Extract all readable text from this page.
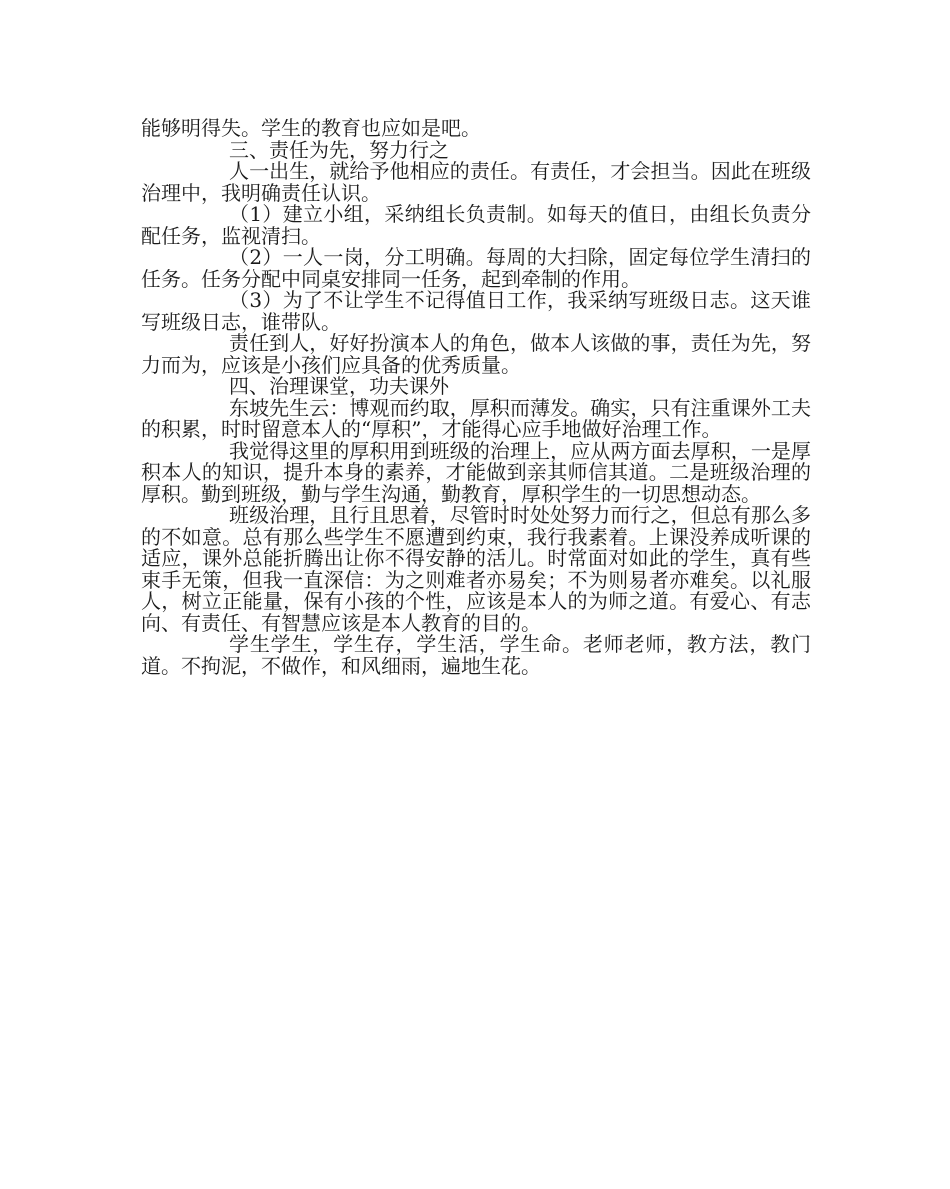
能够明得失。学生的教育也应如是吧。

三、责任为先，努力行之

人一出生，就给予他相应的责任。有责任，才会担当。因此在班级治理中，我明确责任认识。

（1）建立小组，采纳组长负责制。如每天的值日，由组长负责分配任务，监视清扫。

（2）一人一岗，分工明确。每周的大扫除，固定每位学生清扫的任务。任务分配中同桌安排同一任务，起到牵制的作用。

（3）为了不让学生不记得值日工作，我采纳写班级日志。这天谁写班级日志，谁带队。

责任到人，好好扮演本人的角色，做本人该做的事，责任为先，努力而为，应该是小孩们应具备的优秀质量。

四、治理课堂，功夫课外

东坡先生云：博观而约取，厚积而薄发。确实，只有注重课外工夫的积累，时时留意本人的“厚积”，才能得心应手地做好治理工作。

我觉得这里的厚积用到班级的治理上，应从两方面去厚积，一是厚积本人的知识，提升本身的素养，才能做到亲其师信其道。二是班级治理的厚积。勤到班级，勤与学生沟通，勤教育，厚积学生的一切思想动态。

班级治理，且行且思着，尽管时时处处努力而行之，但总有那么多的不如意。总有那么些学生不愿遭到约束，我行我素着。上课没养成听课的适应，课外总能折腾出让你不得安静的活儿。时常面对如此的学生，真有些束手无策，但我一直深信：为之则难者亦易矣；不为则易者亦难矣。以礼服人，树立正能量，保有小孩的个性，应该是本人的为师之道。有爱心、有志向、有责任、有智慧应该是本人教育的目的。

学生学生，学生存，学生活，学生命。老师老师，教方法，教门道。不拘泥，不做作，和风细雨，遍地生花。
